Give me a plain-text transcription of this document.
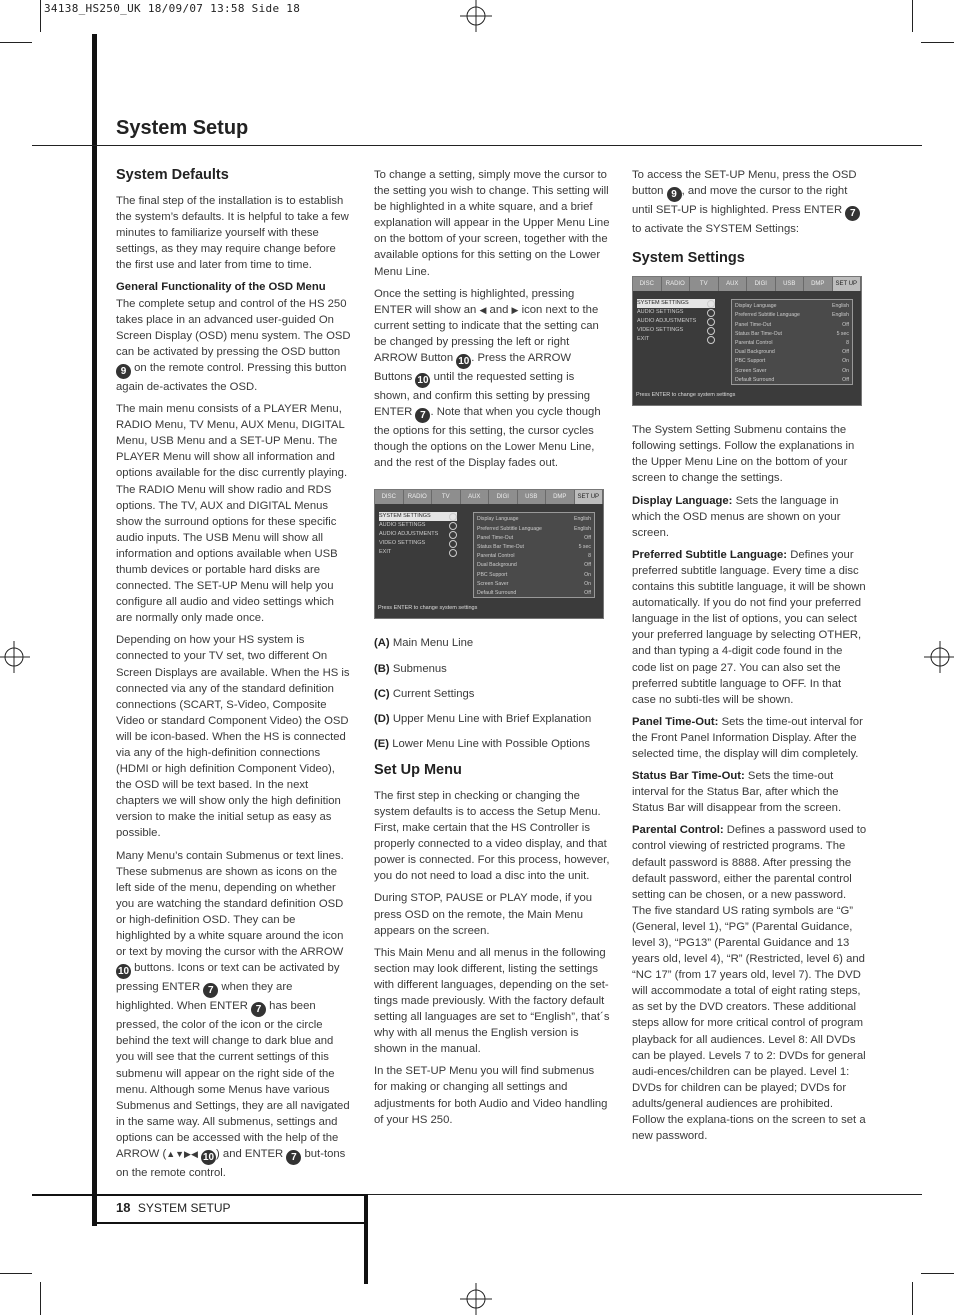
34138_HS250_UK 18/09/07 13:58 Side 18
System Setup
System Defaults

The final step of the installation is to establish the system’s defaults. It is helpful to take a few minutes to familiarize yourself with these settings, as they may require change before the first use and later from time to time.

General Functionality of the OSD Menu
The complete setup and control of the HS 250 takes place in an advanced user-guided On Screen Display (OSD) menu system. The OSD can be activated by pressing the OSD button 9 on the remote control. Pressing this button again de-activates the OSD.

The main menu consists of a PLAYER Menu, RADIO Menu, TV Menu, AUX Menu, DIGITAL Menu, USB Menu and a SET-UP Menu. The PLAYER Menu will show all information and options available for the disc currently playing. The RADIO Menu will show radio and RDS options. The TV, AUX and DIGITAL Menus show the surround options for these specific audio inputs. The USB Menu will show all information and options available when USB thumb devices or portable hard disks are connected. The SET-UP Menu will help you configure all audio and video settings which are normally only made once.

Depending on how your HS system is connected to your TV set, two different On Screen Displays are available. When the HS is connected via any of the standard definition connections (SCART, S-Video, Composite Video or standard Component Video) the OSD will be icon-based. When the HS is connected via any of the high-definition connections (HDMI or high definition Component Video), the OSD will be text based. In the next chapters we will show only the high definition version to make the initial setup as easy as possible.

Many Menu’s contain Submenus or text lines. These submenus are shown as icons on the left side of the menu, depending on whether you are watching the standard definition OSD or high-definition OSD. They can be highlighted by a white square around the icon or text by moving the cursor with the ARROW 10 buttons. Icons or text can be activated by pressing ENTER 7 when they are highlighted. When ENTER 7 has been pressed, the color of the icon or the circle behind the text will change to dark blue and you will see that the current settings of this submenu will appear on the right side of the menu. Although some Menus have various Submenus and Settings, they are all navigated in the same way. All submenus, settings and options can be accessed with the help of the ARROW (▲▼▶◀ 10 ) and ENTER 7 but-tons on the remote control.

To change a setting, simply move the cursor to the setting you wish to change. This setting will be highlighted in a white square, and a brief explanation will appear in the Upper Menu Line on the bottom of your screen, together with the available options for this setting on the Lower Menu Line.

Once the setting is highlighted, pressing ENTER will show an ◀ and ▶ icon next to the current setting to indicate that the setting can be changed by pressing the left or right ARROW Button 10 . Press the ARROW Buttons 10 until the requested setting is shown, and confirm this setting by pressing ENTER 7 . Note that when you cycle though the options for this setting, the cursor cycles though the options on the Lower Menu Line, and the rest of the Display fades out.

DISC	RADIO	TV	AUX	DIGI	USB	DMP	SET UP
SYSTEM SETTINGS
AUDIO SETTINGS
AUDIO ADJUSTMENTS
VIDEO SETTINGS
EXIT
Display Language	English
Preferred Subtitle Language	English
Panel Time-Out	Off
Status Bar Time-Out	5 sec
Parental Control	8
Dual Background	Off
PBC Support	On
Screen Saver	On
Default Surround	Off
Press ENTER to change system settings

(A) Main Menu Line

(B) Submenus

(C) Current Settings

(D) Upper Menu Line with Brief Explanation

(E) Lower Menu Line with Possible Options

Set Up Menu

The first step in checking or changing the system defaults is to access the Setup Menu. First, make certain that the HS Controller is properly connected to a video display, and that power is connected. For this process, however, you do not need to load a disc into the unit.

During STOP, PAUSE or PLAY mode, if you press OSD on the remote, the Main Menu appears on the screen.

This Main Menu and all menus in the following section may look different, listing the settings with different languages, depending on the set-tings made previously. With the factory default setting all languages are set to “English”, that´s why with all menus the English version is shown in the manual.

In the SET-UP Menu you will find submenus for making or changing all settings and adjustments for both Audio and Video handling of your HS 250.

To access the SET-UP Menu, press the OSD button 9 , and move the cursor to the right until SET-UP is highlighted. Press ENTER 7 to activate the SYSTEM Settings:

System Settings
DISC	RADIO	TV	AUX	DIGI	USB	DMP	SET UP
SYSTEM SETTINGS
AUDIO SETTINGS
AUDIO ADJUSTMENTS
VIDEO SETTINGS
EXIT
Display Language	English
Preferred Subtitle Language	English
Panel Time-Out	Off
Status Bar Time-Out	5 sec
Parental Control	8
Dual Background	Off
PBC Support	On
Screen Saver	On
Default Surround	Off
Press ENTER to change system settings

The System Setting Submenu contains the following settings. Follow the explanations in the Upper Menu Line on the bottom of your screen to change the settings.

Display Language: Sets the language in which the OSD menus are shown on your screen.

Preferred Subtitle Language: Defines your preferred subtitle language. Every time a disc contains this subtitle language, it will be shown automatically. If you do not find your preferred language in the list of options, you can select your preferred language by selecting OTHER, and than typing a 4-digit code found in the code list on page 27. You can also set the preferred subtitle language to OFF. In that case no subti-tles will be shown.

Panel Time-Out: Sets the time-out interval for the Front Panel Information Display. After the selected time, the display will dim completely.

Status Bar Time-Out: Sets the time-out interval for the Status Bar, after which the Status Bar will disappear from the screen.

Parental Control: Defines a password used to control viewing of restricted programs. The default password is 8888. After pressing the default password, either the parental control setting can be chosen, or a new password. The five standard US rating symbols are “G” (General, level 1), “PG” (Parental Guidance, level 3), “PG13” (Parental Guidance and 13 years old, level 4), “R” (Restricted, level 6) and “NC 17” (from 17 years old, level 7). The DVD will accommodate a total of eight rating steps, as set by the DVD creators. These additional steps allow for more critical control of program playback for all audiences. Level 8: All DVDs can be played. Levels 7 to 2: DVDs for general audi-ences/children can be played. Level 1: DVDs for children can be played; DVDs for adults/general audiences are prohibited. Follow the explana-tions on the screen to set a new password.

18 SYSTEM SETUP
